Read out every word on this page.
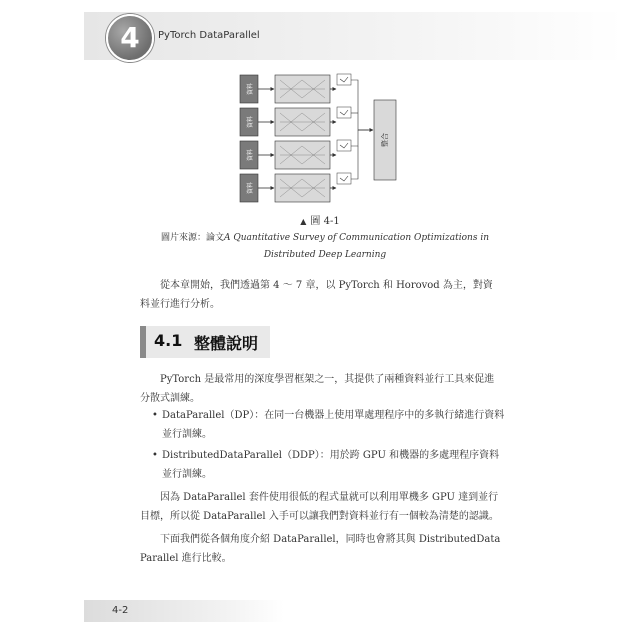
4	PyTorch DataParallel
資料
資料
資料
資料
整合
▲ 圖 4-1
圖片來源：論文A Quantitative Survey of Communication Optimizations in Distributed Deep Learning
從本章開始，我們透過第 4 ～ 7 章，以 PyTorch 和 Horovod 為主，對資料並行進行分析。
4.1 整體說明
PyTorch 是最常用的深度學習框架之一，其提供了兩種資料並行工具來促進分散式訓練。
• DataParallel（DP）：在同一台機器上使用單處理程序中的多執行緒進行資料並行訓練。
• DistributedDataParallel（DDP）：用於跨 GPU 和機器的多處理程序資料並行訓練。
因為 DataParallel 套件使用很低的程式量就可以利用單機多 GPU 達到並行目標，所以從 DataParallel 入手可以讓我們對資料並行有一個較為清楚的認識。
下面我們從各個角度介紹 DataParallel，同時也會將其與 DistributedData Parallel 進行比較。
4-2
